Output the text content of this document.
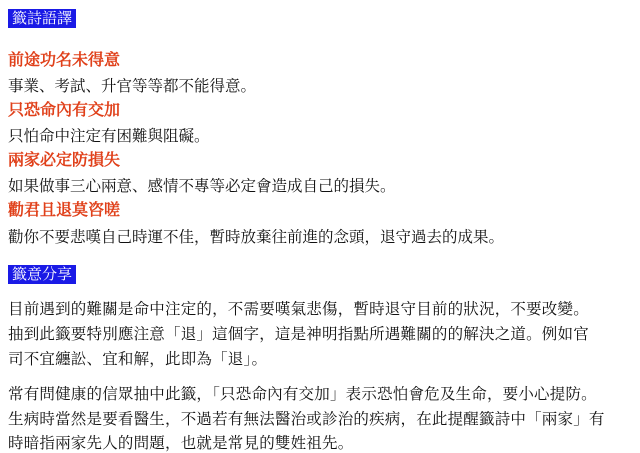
籤詩語譯
前途功名未得意
事業、考試、升官等等都不能得意。
只恐命內有交加
只怕命中注定有困難與阻礙。
兩家必定防損失
如果做事三心兩意、感情不專等必定會造成自己的損失。
勸君且退莫咨嗟
勸你不要悲嘆自己時運不佳，暫時放棄往前進的念頭，退守過去的成果。
籤意分享
目前遇到的難關是命中注定的，不需要嘆氣悲傷，暫時退守目前的狀況，不要改變。
抽到此籤要特別應注意「退」這個字，這是神明指點所遇難關的的解決之道。例如官
司不宜纏訟、宜和解，此即為「退」。
常有問健康的信眾抽中此籤，「只恐命內有交加」表示恐怕會危及生命，要小心提防。
生病時當然是要看醫生，不過若有無法醫治或診治的疾病，在此提醒籤詩中「兩家」有
時暗指兩家先人的問題，也就是常見的雙姓祖先。
